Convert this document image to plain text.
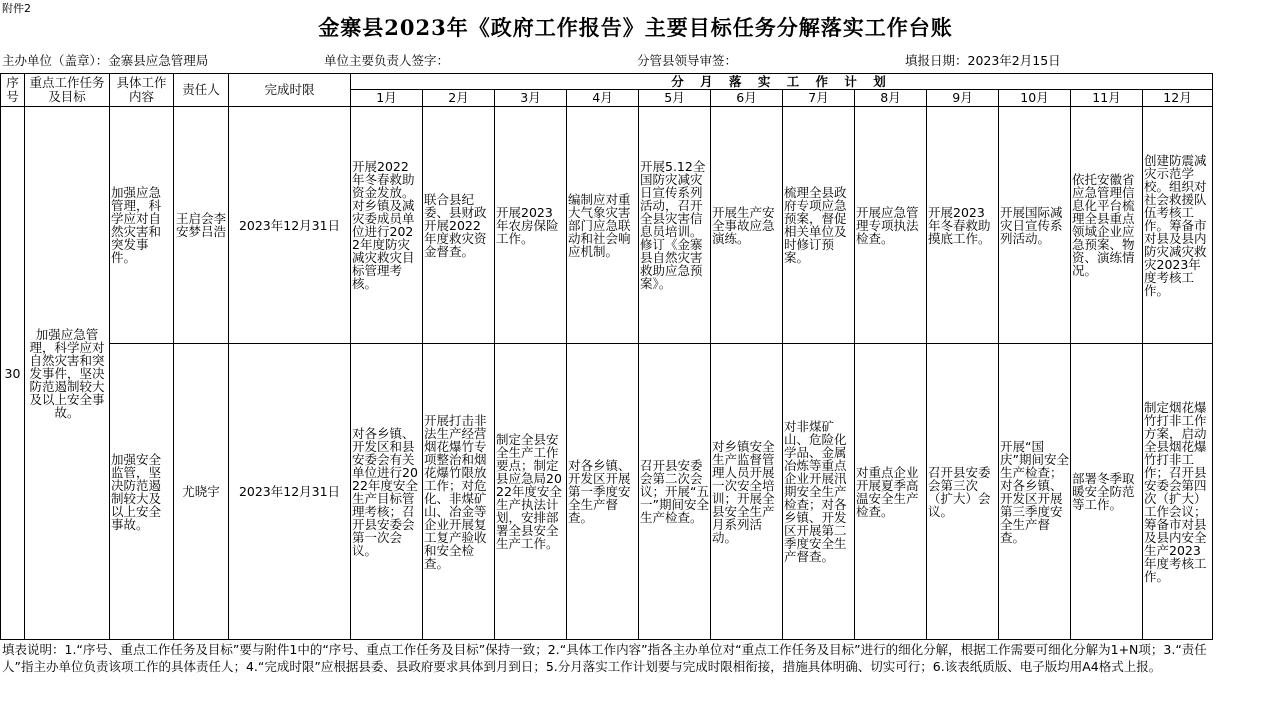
附件2
金寨县2023年《政府工作报告》主要目标任务分解落实工作台账
主办单位（盖章）：金寨县应急管理局	单位主要负责人签字：	分管县领导审签：	填报日期：2023年2月15日
序号	重点工作任务及目标	具体工作内容	责任人	完成时限	分 月 落 实 工 作 计 划											
					1月	2月	3月	4月	5月	6月	7月	8月	9月	10月	11月	12月
30	加强应急管理，科学应对自然灾害和突发事件，坚决防范遏制较大及以上安全事故。	加强应急管理，科学应对自然灾害和突发事件。	王启会李安梦吕浩	2023年12月31日	开展2022年冬春救助资金发放。对乡镇及减灾委成员单位进行2022年度防灾减灾救灾目标管理考核。	联合县纪委、县财政开展2022年度救灾资金督查。	开展2023年农房保险工作。	编制应对重大气象灾害部门应急联动和社会响应机制。	开展5.12全国防灾减灾日宣传系列活动，召开全县灾害信息员培训。修订《金寨县自然灾害救助应急预案》。	开展生产安全事故应急演练。	梳理全县政府专项应急预案，督促相关单位及时修订预案。	开展应急管理专项执法检查。	开展2023年冬春救助摸底工作。	开展国际减灾日宣传系列活动。	依托安徽省应急管理信息化平台梳理全县重点领域企业应急预案、物资、演练情况。	创建防震减灾示范学校。组织对社会救援队伍考核工作。筹备市对县及县内防灾减灾救灾2023年度考核工作。
		加强安全监管，坚决防范遏制较大及以上安全事故。	尤晓宇	2023年12月31日	对各乡镇、开发区和县安委会有关单位进行2022年度安全生产目标管理考核；召开县安委会第一次会议。	开展打击非法生产经营烟花爆竹专项整治和烟花爆竹限放工作；对危化、非煤矿山、冶金等企业开展复工复产验收和安全检查。	制定全县安全生产工作要点；制定县应急局2022年度安全生产执法计划，安排部署全县安全生产工作。	对各乡镇、开发区开展第一季度安全生产督查。	召开县安委会第二次会议；开展“五一”期间安全生产检查。	对乡镇安全生产监督管理人员开展一次安全培训；开展全县安全生产月系列活动。	对非煤矿山、危险化学品、金属冶炼等重点企业开展汛期安全生产检查；对各乡镇、开发区开展第二季度安全生产督查。	对重点企业开展夏季高温安全生产检查。	召开县安委会第三次（扩大）会议。	开展“国庆”期间安全生产检查；对各乡镇、开发区开展第三季度安全生产督查。	部署冬季取暖安全防范等工作。	制定烟花爆竹打非工作方案，启动全县烟花爆竹打非工作；召开县安委会第四次（扩大）工作会议；筹备市对县及县内安全生产2023年度考核工作。
填表说明：1.“序号、重点工作任务及目标”要与附件1中的“序号、重点工作任务及目标”保持一致；2.“具体工作内容”指各主办单位对“重点工作任务及目标”进行的细化分解，根据工作需要可细化分解为1+N项；3.“责任人”指主办单位负责该项工作的具体责任人；4.“完成时限”应根据县委、县政府要求具体到月到日；5.分月落实工作计划要与完成时限相衔接，措施具体明确、切实可行；6.该表纸质版、电子版均用A4格式上报。
